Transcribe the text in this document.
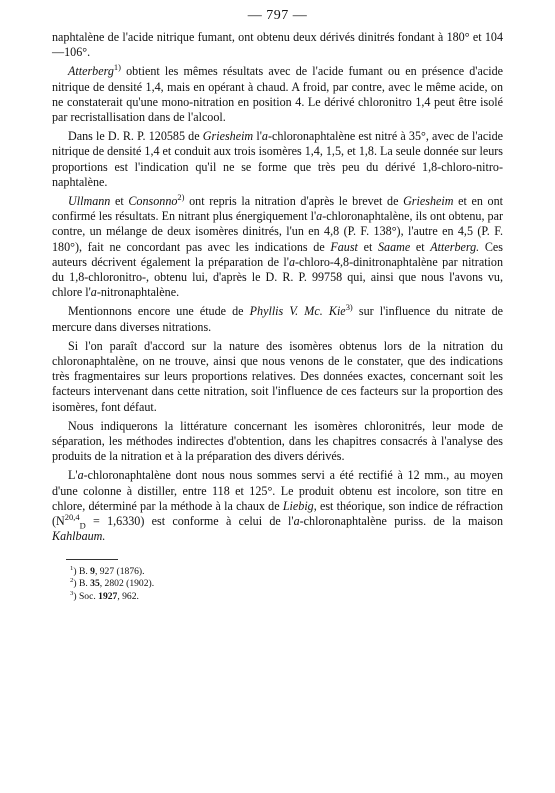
— 797 —

naphtalène de l'acide nitrique fumant, ont obtenu deux dérivés dinitrés fondant à 180° et 104—106°.

Atterberg$^{1)}$ obtient les mêmes résultats avec de l'acide fumant ou en présence d'acide nitrique de densité 1,4, mais en opérant à chaud. A froid, par contre, avec le même acide, on ne constaterait qu'une mono-nitration en position 4. Le dérivé chloronitro 1,4 peut être isolé par recristallisation dans de l'alcool.

Dans le D. R. P. 120585 de Griesheim l'a-chloronaphtalène est nitré à 35°, avec de l'acide nitrique de densité 1,4 et conduit aux trois isomères 1,4, 1,5, et 1,8. La seule donnée sur leurs proportions est l'indication qu'il ne se forme que très peu du dérivé 1,8-chloro-nitro-naphtalène.

Ullmann et Consonno$^{2)}$ ont repris la nitration d'après le brevet de Griesheim et en ont confirmé les résultats. En nitrant plus énergiquement l'a-chloronaphtalène, ils ont obtenu, par contre, un mélange de deux isomères dinitrés, l'un en 4,8 (P. F. 138°), l'autre en 4,5 (P. F. 180°), fait ne concordant pas avec les indications de Faust et Saame et Atterberg. Ces auteurs décrivent également la préparation de l'a-chloro-4,8-dinitronaphtalène par nitration du 1,8-chloronitro-, obtenu lui, d'après le D. R. P. 99758 qui, ainsi que nous l'avons vu, chlore l'a-nitronaphtalène.

Mentionnons encore une étude de Phyllis V. Mc. Kie$^{3)}$ sur l'influence du nitrate de mercure dans diverses nitrations.

Si l'on paraît d'accord sur la nature des isomères obtenus lors de la nitration du chloronaphtalène, on ne trouve, ainsi que nous venons de le constater, que des indications très fragmentaires sur leurs proportions relatives. Des données exactes, concernant soit les facteurs intervenant dans cette nitration, soit l'influence de ces facteurs sur la proportion des isomères, font défaut.

Nous indiquerons la littérature concernant les isomères chloronitrés, leur mode de séparation, les méthodes indirectes d'obtention, dans les chapitres consacrés à l'analyse des produits de la nitration et à la préparation des divers dérivés.

L'a-chloronaphtalène dont nous nous sommes servi a été rectifié à 12 mm., au moyen d'une colonne à distiller, entre 118 et 125°. Le produit obtenu est incolore, son titre en chlore, déterminé par la méthode à la chaux de Liebig, est théorique, son indice de réfraction $(N^{20,4}_D = 1,6330)$ est conforme à celui de l'a-chloronaphtalène puriss. de la maison Kahlbaum.

$^1$) B. 9, 927 (1876).
$^2$) B. 35, 2802 (1902).
$^3$) Soc. 1927, 962.
